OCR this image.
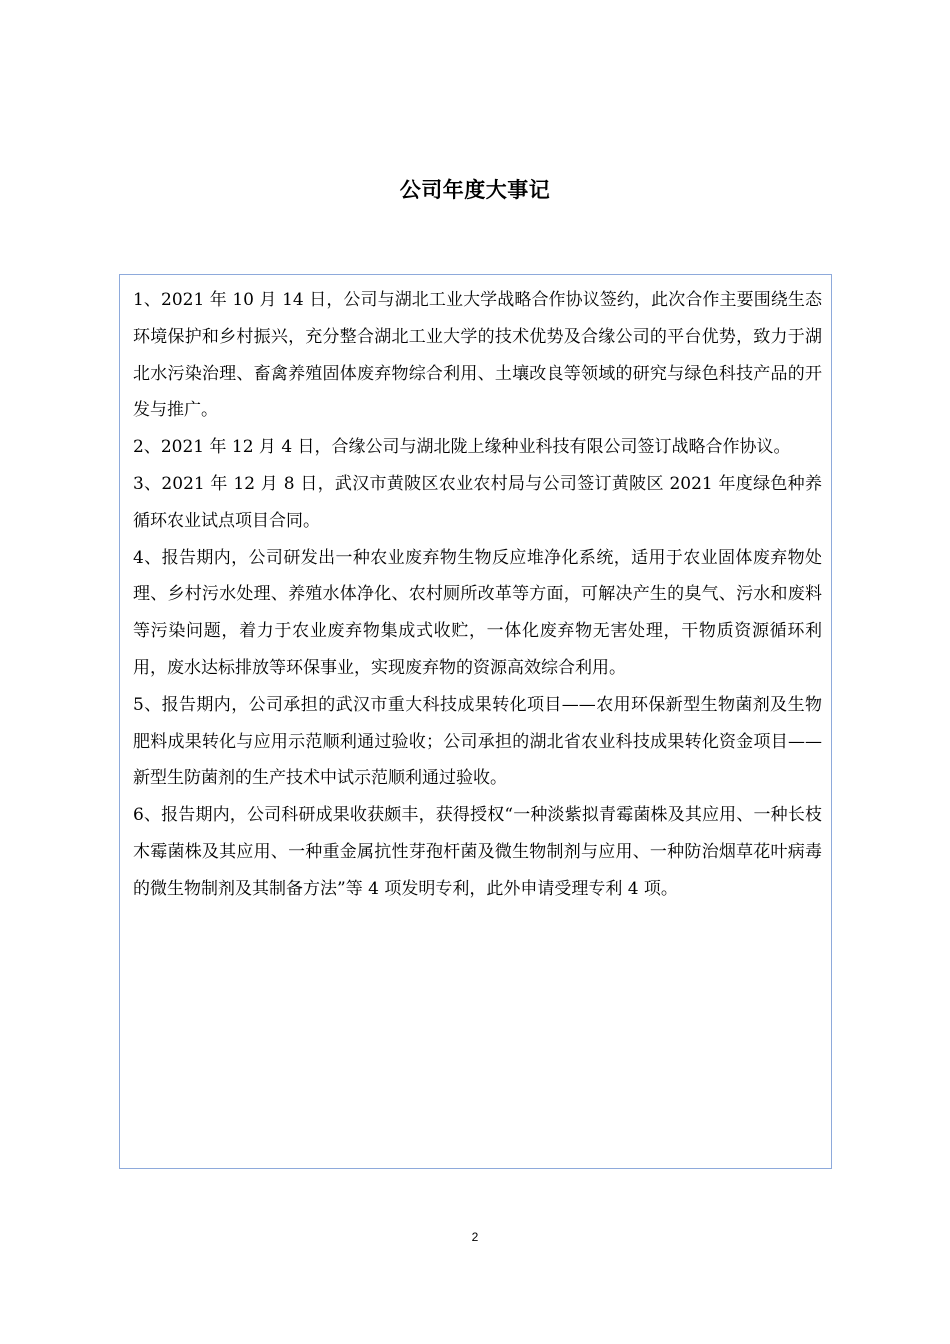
公司年度大事记

1、2021 年 10 月 14 日，公司与湖北工业大学战略合作协议签约，此次合作主要围绕生态环境保护和乡村振兴，充分整合湖北工业大学的技术优势及合缘公司的平台优势，致力于湖北水污染治理、畜禽养殖固体废弃物综合利用、土壤改良等领域的研究与绿色科技产品的开发与推广。

2、2021 年 12 月 4 日，合缘公司与湖北陇上缘种业科技有限公司签订战略合作协议。

3、2021 年 12 月 8 日，武汉市黄陂区农业农村局与公司签订黄陂区 2021 年度绿色种养循环农业试点项目合同。

4、报告期内，公司研发出一种农业废弃物生物反应堆净化系统，适用于农业固体废弃物处理、乡村污水处理、养殖水体净化、农村厕所改革等方面，可解决产生的臭气、污水和废料等污染问题，着力于农业废弃物集成式收贮，一体化废弃物无害处理，干物质资源循环利用，废水达标排放等环保事业，实现废弃物的资源高效综合利用。

5、报告期内，公司承担的武汉市重大科技成果转化项目——农用环保新型生物菌剂及生物肥料成果转化与应用示范顺利通过验收；公司承担的湖北省农业科技成果转化资金项目——新型生防菌剂的生产技术中试示范顺利通过验收。

6、报告期内，公司科研成果收获颇丰，获得授权“一种淡紫拟青霉菌株及其应用、一种长枝木霉菌株及其应用、一种重金属抗性芽孢杆菌及微生物制剂与应用、一种防治烟草花叶病毒的微生物制剂及其制备方法”等 4 项发明专利，此外申请受理专利 4 项。

2
